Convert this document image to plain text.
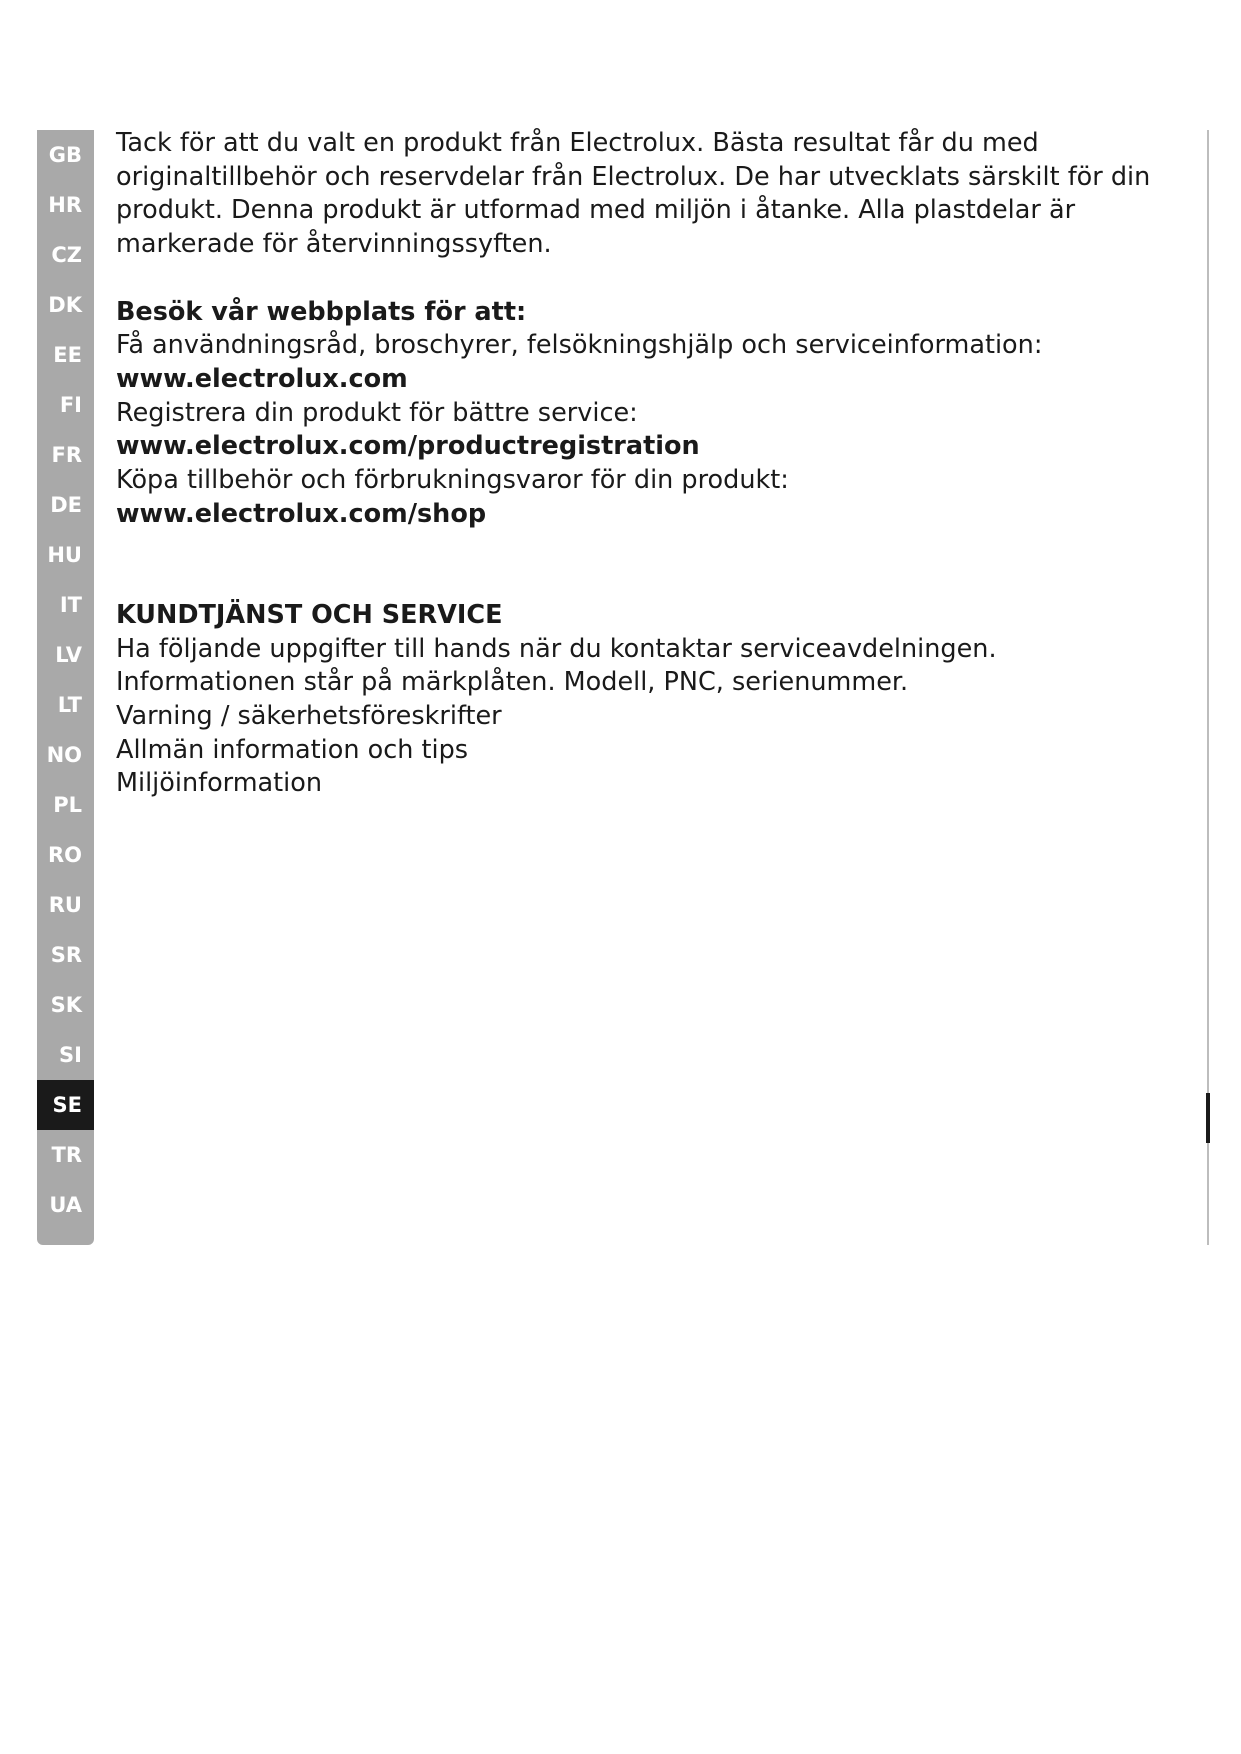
GB
HR
CZ
DK
EE
FI
FR
DE
HU
IT
LV
LT
NO
PL
RO
RU
SR
SK
SI
SE
TR
UA

Tack för att du valt en produkt från Electrolux. Bästa resultat får du med originaltillbehör och reservdelar från Electrolux. De har utvecklats särskilt för din produkt. Denna produkt är utformad med miljön i åtanke. Alla plastdelar är markerade för återvinningssyften.

Besök vår webbplats för att:
Få användningsråd, broschyrer, felsökningshjälp och serviceinformation:
www.electrolux.com
Registrera din produkt för bättre service:
www.electrolux.com/productregistration
Köpa tillbehör och förbrukningsvaror för din produkt:
www.electrolux.com/shop
KUNDTJÄNST OCH SERVICE
Ha följande uppgifter till hands när du kontaktar serviceavdelningen.
Informationen står på märkplåten. Modell, PNC, serienummer.
Varning / säkerhetsföreskrifter
Allmän information och tips
Miljöinformation
